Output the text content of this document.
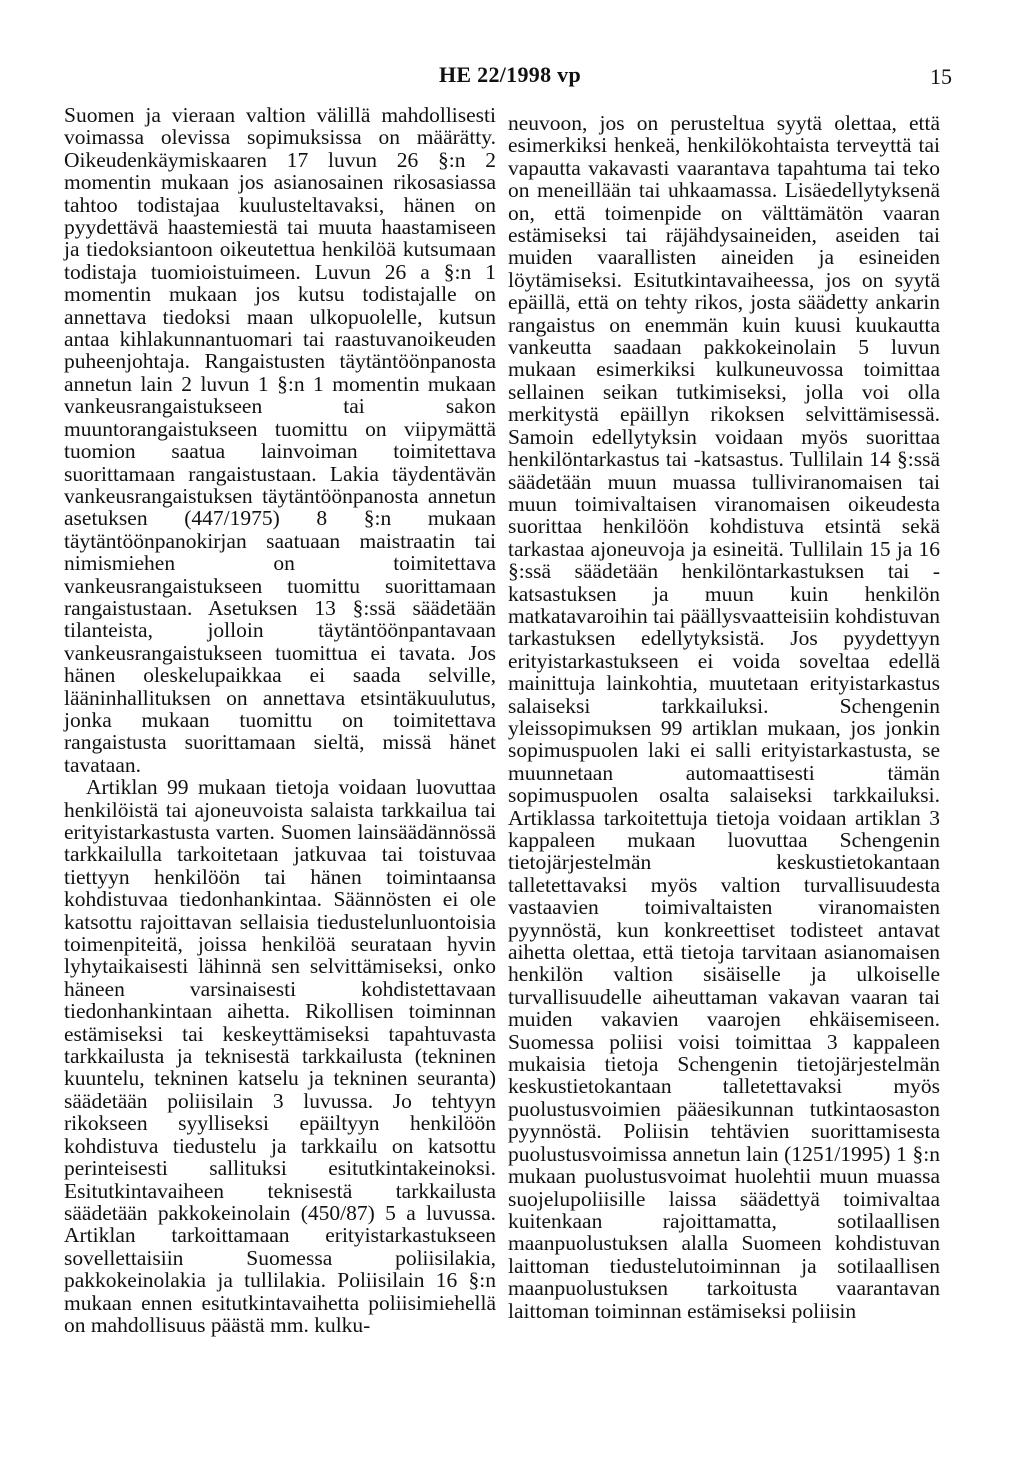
HE 22/1998 vp	15

Suomen ja vieraan valtion välillä mahdollisesti voimassa olevissa sopimuksissa on määrätty. Oikeudenkäymiskaaren 17 luvun 26 §:n 2 momentin mukaan jos asianosainen rikosasiassa tahtoo todistajaa kuulusteltavaksi, hänen on pyydettävä haastemiestä tai muuta haastamiseen ja tiedoksiantoon oikeutettua henkilöä kutsumaan todistaja tuomioistuimeen. Luvun 26 a §:n 1 momentin mukaan jos kutsu todistajalle on annettava tiedoksi maan ulkopuolelle, kutsun antaa kihlakunnantuomari tai raastuvanoikeuden puheenjohtaja. Rangaistusten täytäntöönpanosta annetun lain 2 luvun 1 §:n 1 momentin mukaan vankeusrangaistukseen tai sakon muuntorangaistukseen tuomittu on viipymättä tuomion saatua lainvoiman toimitettava suorittamaan rangaistustaan. Lakia täydentävän vankeusrangaistuksen täytäntöönpanosta annetun asetuksen (447/1975) 8 §:n mukaan täytäntöönpanokirjan saatuaan maistraatin tai nimismiehen on toimitettava vankeusrangaistukseen tuomittu suorittamaan rangaistustaan. Asetuksen 13 §:ssä säädetään tilanteista, jolloin täytäntöönpantavaan vankeusrangaistukseen tuomittua ei tavata. Jos hänen oleskelupaikkaa ei saada selville, lääninhallituksen on annettava etsintäkuulutus, jonka mukaan tuomittu on toimitettava rangaistusta suorittamaan sieltä, missä hänet tavataan.

Artiklan 99 mukaan tietoja voidaan luovuttaa henkilöistä tai ajoneuvoista salaista tarkkailua tai erityistarkastusta varten. Suomen lainsäädännössä tarkkailulla tarkoitetaan jatkuvaa tai toistuvaa tiettyyn henkilöön tai hänen toimintaansa kohdistuvaa tiedonhankintaa. Säännösten ei ole katsottu rajoittavan sellaisia tiedustelunluontoisia toimenpiteitä, joissa henkilöä seurataan hyvin lyhytaikaisesti lähinnä sen selvittämiseksi, onko häneen varsinaisesti kohdistettavaan tiedonhankintaan aihetta. Rikollisen toiminnan estämiseksi tai keskeyttämiseksi tapahtuvasta tarkkailusta ja teknisestä tarkkailusta (tekninen kuuntelu, tekninen katselu ja tekninen seuranta) säädetään poliisilain 3 luvussa. Jo tehtyyn rikokseen syylliseksi epäiltyyn henkilöön kohdistuva tiedustelu ja tarkkailu on katsottu perinteisesti sallituksi esitutkintakeinoksi. Esitutkintavaiheen teknisestä tarkkailusta säädetään pakkokeinolain (450/87) 5 a luvussa. Artiklan tarkoittamaan erityistarkastukseen sovellettaisiin Suomessa poliisilakia, pakkokeinolakia ja tullilakia. Poliisilain 16 §:n mukaan ennen esitutkintavaihetta poliisimiehellä on mahdollisuus päästä mm. kulku-

neuvoon, jos on perusteltua syytä olettaa, että esimerkiksi henkeä, henkilökohtaista terveyttä tai vapautta vakavasti vaarantava tapahtuma tai teko on meneillään tai uhkaamassa. Lisäedellytyksenä on, että toimenpide on välttämätön vaaran estämiseksi tai räjähdysaineiden, aseiden tai muiden vaarallisten aineiden ja esineiden löytämiseksi. Esitutkintavaiheessa, jos on syytä epäillä, että on tehty rikos, josta säädetty ankarin rangaistus on enemmän kuin kuusi kuukautta vankeutta saadaan pakkokeinolain 5 luvun mukaan esimerkiksi kulkuneuvossa toimittaa sellainen seikan tutkimiseksi, jolla voi olla merkitystä epäillyn rikoksen selvittämisessä. Samoin edellytyksin voidaan myös suorittaa henkilöntarkastus tai -katsastus. Tullilain 14 §:ssä säädetään muun muassa tulliviranomaisen tai muun toimivaltaisen viranomaisen oikeudesta suorittaa henkilöön kohdistuva etsintä sekä tarkastaa ajoneuvoja ja esineitä. Tullilain 15 ja 16 §:ssä säädetään henkilöntarkastuksen tai -katsastuksen ja muun kuin henkilön matkatavaroihin tai päällysvaatteisiin kohdistuvan tarkastuksen edellytyksistä. Jos pyydettyyn erityistarkastukseen ei voida soveltaa edellä mainittuja lainkohtia, muutetaan erityistarkastus salaiseksi tarkkailuksi. Schengenin yleissopimuksen 99 artiklan mukaan, jos jonkin sopimuspuolen laki ei salli erityistarkastusta, se muunnetaan automaattisesti tämän sopimuspuolen osalta salaiseksi tarkkailuksi. Artiklassa tarkoitettuja tietoja voidaan artiklan 3 kappaleen mukaan luovuttaa Schengenin tietojärjestelmän keskustietokantaan talletettavaksi myös valtion turvallisuudesta vastaavien toimivaltaisten viranomaisten pyynnöstä, kun konkreettiset todisteet antavat aihetta olettaa, että tietoja tarvitaan asianomaisen henkilön valtion sisäiselle ja ulkoiselle turvallisuudelle aiheuttaman vakavan vaaran tai muiden vakavien vaarojen ehkäisemiseen. Suomessa poliisi voisi toimittaa 3 kappaleen mukaisia tietoja Schengenin tietojärjestelmän keskustietokantaan talletettavaksi myös puolustusvoimien pääesikunnan tutkintaosaston pyynnöstä. Poliisin tehtävien suorittamisesta puolustusvoimissa annetun lain (1251/1995) 1 §:n mukaan puolustusvoimat huolehtii muun muassa suojelupoliisille laissa säädettyä toimivaltaa kuitenkaan rajoittamatta, sotilaallisen maanpuolustuksen alalla Suomeen kohdistuvan laittoman tiedustelutoiminnan ja sotilaallisen maanpuolustuksen tarkoitusta vaarantavan laittoman toiminnan estämiseksi poliisin
